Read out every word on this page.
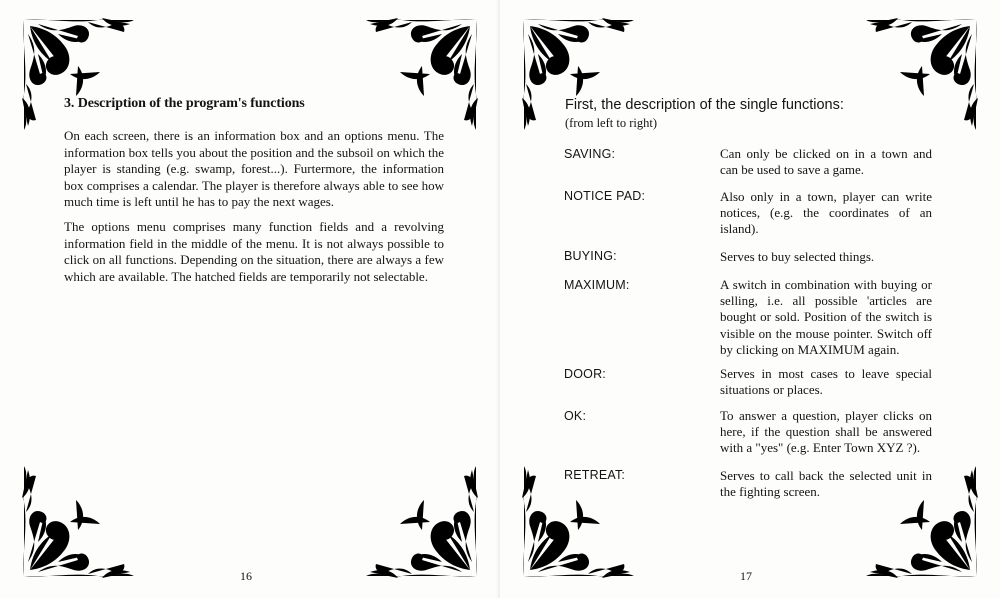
3. Description of the program's functions

On each screen, there is an information box and an options menu. The information box tells you about the position and the subsoil on which the player is standing (e.g. swamp, forest...). Furtermore, the information box comprises a calendar. The player is therefore always able to see how much time is left until he has to pay the next wages.

The options menu comprises many function fields and a revolving information field in the middle of the menu. It is not always possible to click on all functions. Depending on the situation, there are always a few which are available. The hatched fields are temporarily not selectable.

16
First, the description of the single functions:
(from left to right)
SAVING:	Can only be clicked on in a town and can be used to save a game.
NOTICE PAD:	Also only in a town, player can write notices, (e.g. the coordinates of an island).
BUYING:	Serves to buy selected things.
MAXIMUM:	A switch in combination with buying or selling, i.e. all possible 'articles are bought or sold. Position of the switch is visible on the mouse pointer. Switch off by clicking on MAXIMUM again.
DOOR:	Serves in most cases to leave special situations or places.
OK:	To answer a question, player clicks on here, if the question shall be answered with a "yes" (e.g. Enter Town XYZ ?).
RETREAT:	Serves to call back the selected unit in the fighting screen.
17
